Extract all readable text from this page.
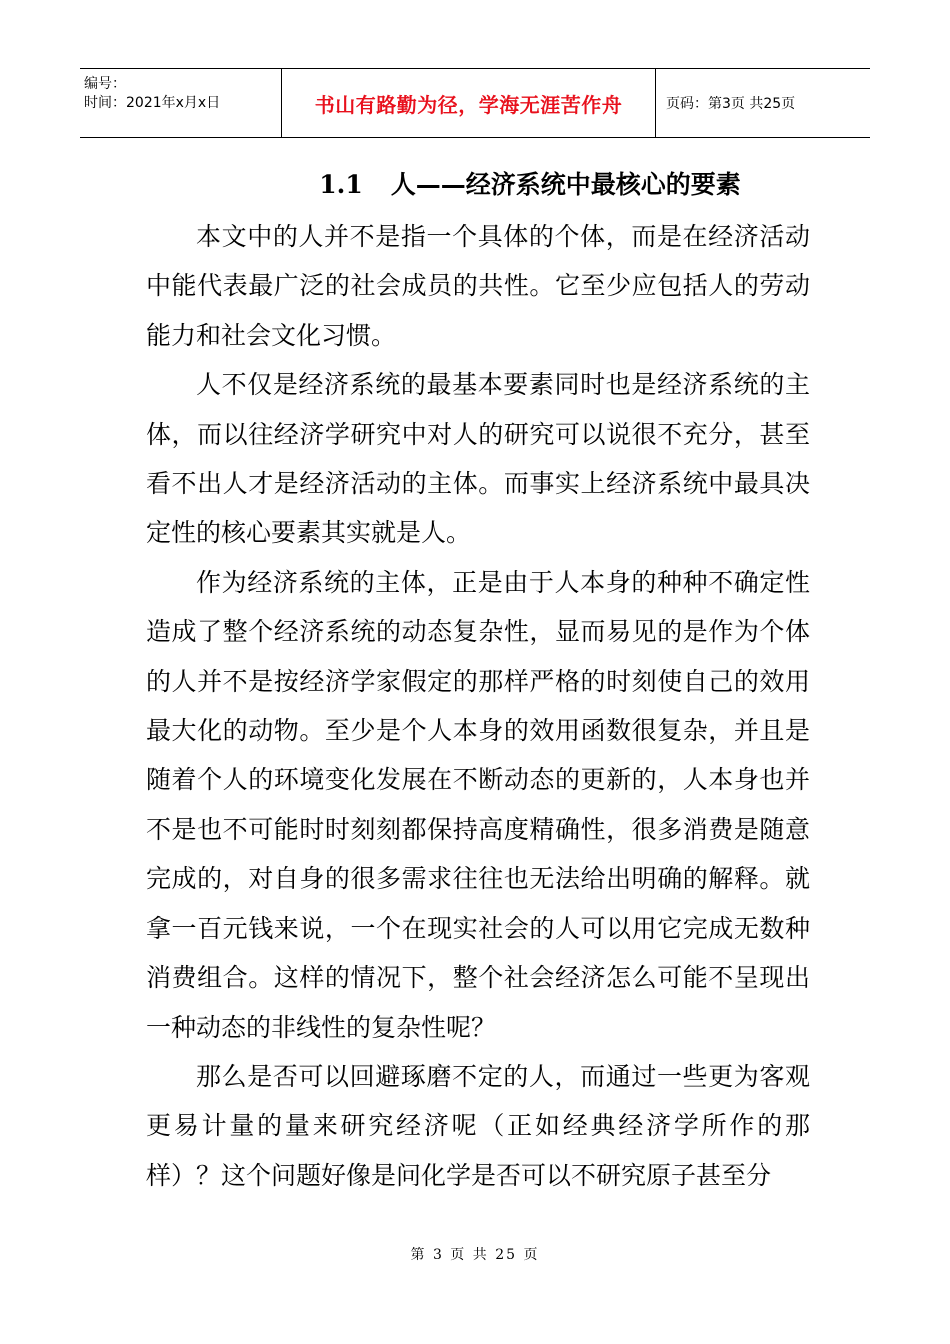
编号：
时间：2021年x月x日	书山有路勤为径，学海无涯苦作舟	页码：第3页 共25页
1.1 人——经济系统中最核心的要素

本文中的人并不是指一个具体的个体，而是在经济活动中能代表最广泛的社会成员的共性。它至少应包括人的劳动能力和社会文化习惯。

人不仅是经济系统的最基本要素同时也是经济系统的主体，而以往经济学研究中对人的研究可以说很不充分，甚至看不出人才是经济活动的主体。而事实上经济系统中最具决定性的核心要素其实就是人。

作为经济系统的主体，正是由于人本身的种种不确定性造成了整个经济系统的动态复杂性，显而易见的是作为个体的人并不是按经济学家假定的那样严格的时刻使自己的效用最大化的动物。至少是个人本身的效用函数很复杂，并且是随着个人的环境变化发展在不断动态的更新的，人本身也并不是也不可能时时刻刻都保持高度精确性，很多消费是随意完成的，对自身的很多需求往往也无法给出明确的解释。就拿一百元钱来说，一个在现实社会的人可以用它完成无数种消费组合。这样的情况下，整个社会经济怎么可能不呈现出一种动态的非线性的复杂性呢？

那么是否可以回避琢磨不定的人，而通过一些更为客观更易计量的量来研究经济呢（正如经典经济学所作的那样）？这个问题好像是问化学是否可以不研究原子甚至分

第 3 页 共 25 页
